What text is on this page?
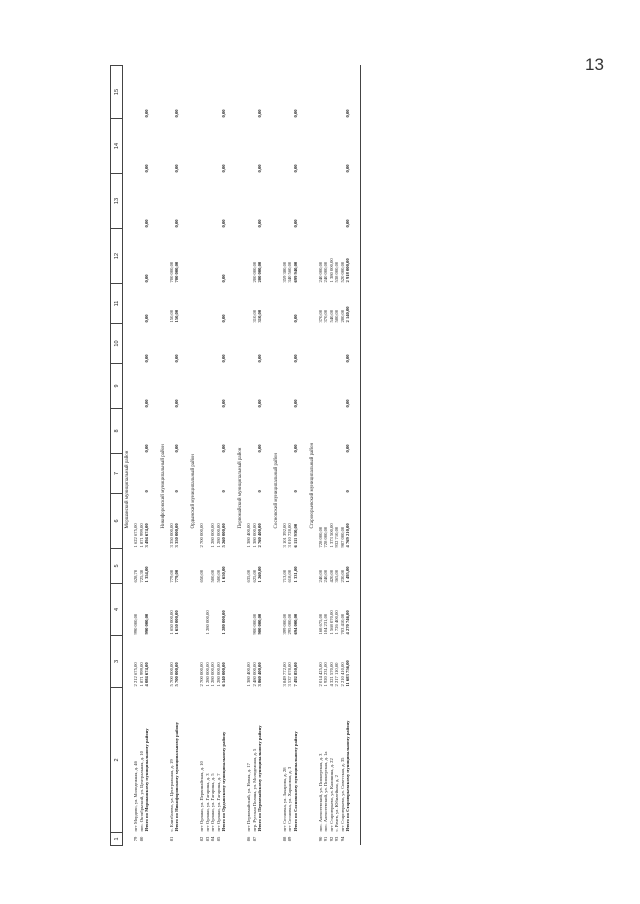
13
1	2	3	4	5	6	7	8	9	10	11	12	13	14	15
					Моршанский муниципальный район									
79	пгт Мордово, ул. Молодежная, д. 46	2 212 675,00	990 000,00	628,70	1 622 675,00									
80	пос. Октябрьский, ул. Центральная, д. 10	1 871 999,00		725,30	1 871 999,00									
	Итого по Моршанскому муниципальному району	4 084 674,00	990 000,00	1 354,00	3 494 674,00	0	0,00	0,00	0,00	0,00	0,00	0,00	0,00	0,00

					Никифоровский муниципальный район									
81	с. Елизбазево, ул. Центральная, д. 19	5 700 000,00	1 650 000,00	779,00	3 350 000,00					150,00	700 000,00			
	Итого по Никифоровскому муниципальному району	5 700 000,00	1 650 000,00	779,00	3 350 000,00	0	0,00	0,00	0,00	150,00	700 000,00	0,00	0,00	0,00

					Ордынский муниципальный район									
82	пгт Орлаки, ул. Первомайская, д. 10	2 700 000,00		650,00	2 700 000,00									
83	пгт Орлаки, ул. Гагарина, д. 3	1 280 000,00	1 280 000,00											
84	пгт Орлаки, ул. Гагарина, д. 5	1 280 000,00		500,00	1 280 000,00									
85	пгт Орлаки, ул. Гагарина, д. 7	1 280 000,00		500,00	1 280 000,00									
	Итого по Ордынскому муниципальному району	6 540 000,00	1 280 000,00	1 650,00	5 260 000,00	0	0,00	0,00	0,00	0,00	0,00	0,00	0,00	0,00

					Первомайский муниципальный район									
86	пгт Первомайский, ул. Новая, д. 17	1 380 400,00		635,00	1 380 400,00									
87	пгр. Русская Поляна, ул. Молодежная, д. 5	2 480 000,00	900 000,00	625,00	1 380 000,00					310,00	200 000,00			
	Итого по Первомайскому муниципальному району	3 860 400,00	900 000,00	1 260,00	2 760 400,00	0	0,00	0,00	0,00	310,00	200 000,00	0,00	0,00	0,00

					Сосновский муниципальный район									
88	пгт Сосновка, ул. Захарова, д. 28	3 849 772,00	399 000,00	713,00	3 101 392,00						359 380,00			
89	пгт Сосновка, ул. Харьковая, д. 3	3 537 078,00	295 000,00	618,00	3 010 728,00						340 560,00			
	Итого по Сосновскому муниципальному району	7 492 850,00	694 000,00	1 331,00	6 111 930,00	0	0,00	0,00	0,00	0,00	699 940,00	0,00	0,00	0,00

					Староюрьевский муниципальный район									
90	пос. Алексеевский, ул. Пионерская, д. 3	2 014 425,00	168 675,00	240,00	728 000,00					370,00	240 000,00			
91	пос. Алексеевский, ул. Пионерская, д. 1а	1 920 231,00	104 231,00	240,00	728 000,00					370,00	240 000,00			
92	пгт Староюрьево, ул. Калинина, д. 22	4 321 570,00	1 568 070,00	420,00	1 373 500,00					540,00	1 380 000,00			
93	с. Рачев, ул. Юбилейная, д. 2	2 217 110,00	1 726 400,00	365,00	932 710,00					580,00	538 000,00			
94	пгт Староюрьево, ул. Советская, д. 35	2 210 410,00	703 410,00	230,00	987 000,00					280,00	520 000,00			
	Итого по Староюрьевскому муниципальному району	11 683 756,00	4 270 746,00	1 495,00	4 769 210,00	0	0,00	0,00	0,00	2 140,00	2 918 000,00	0,00	0,00	0,00
